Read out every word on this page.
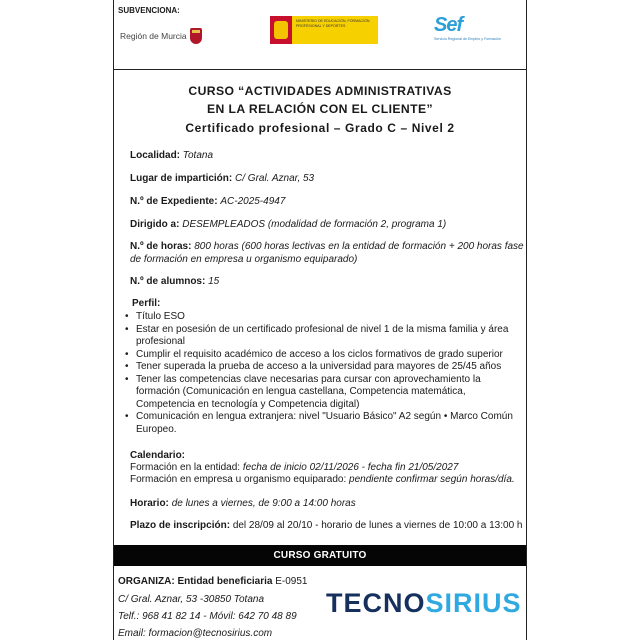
SUBVENCIONA:
Región de Murcia
MINISTERIO DE EDUCACIÓN, FORMACIÓN PROFESIONAL Y DEPORTES	Sef
Servicio Regional de Empleo y Formación
CURSO “ACTIVIDADES ADMINISTRATIVAS
EN LA RELACIÓN CON EL CLIENTE”
Certificado profesional – Grado C – Nivel 2
Localidad: Totana
Lugar de impartición: C/ Gral. Aznar, 53
N.º de Expediente: AC-2025-4947
Dirigido a: DESEMPLEADOS (modalidad de formación 2, programa 1)
N.º de horas: 800 horas (600 horas lectivas en la entidad de formación + 200 horas fase de formación en empresa u organismo equiparado)
N.º de alumnos: 15
Perfil:
• Título ESO
• Estar en posesión de un certificado profesional de nivel 1 de la misma familia y área profesional
• Cumplir el requisito académico de acceso a los ciclos formativos de grado superior
• Tener superada la prueba de acceso a la universidad para mayores de 25/45 años
• Tener las competencias clave necesarias para cursar con aprovechamiento la formación (Comunicación en lengua castellana, Competencia matemática, Competencia en tecnología y Competencia digital)
• Comunicación en lengua extranjera: nivel "Usuario Básico" A2 según • Marco Común Europeo.
Calendario:
Formación en la entidad: fecha de inicio 02/11/2026 - fecha fin 21/05/2027
Formación en empresa u organismo equiparado: pendiente confirmar según horas/día.
Horario: de lunes a viernes, de 9:00 a 14:00 horas
Plazo de inscripción: del 28/09 al 20/10 - horario de lunes a viernes de 10:00 a 13:00 h
CURSO GRATUITO
ORGANIZA: Entidad beneficiaria E-0951
C/ Gral. Aznar, 53 -30850 Totana
Telf.: 968 41 82 14 - Móvil: 642 70 48 89
Email: formacion@tecnosirius.com
TECNO SIRIUS
